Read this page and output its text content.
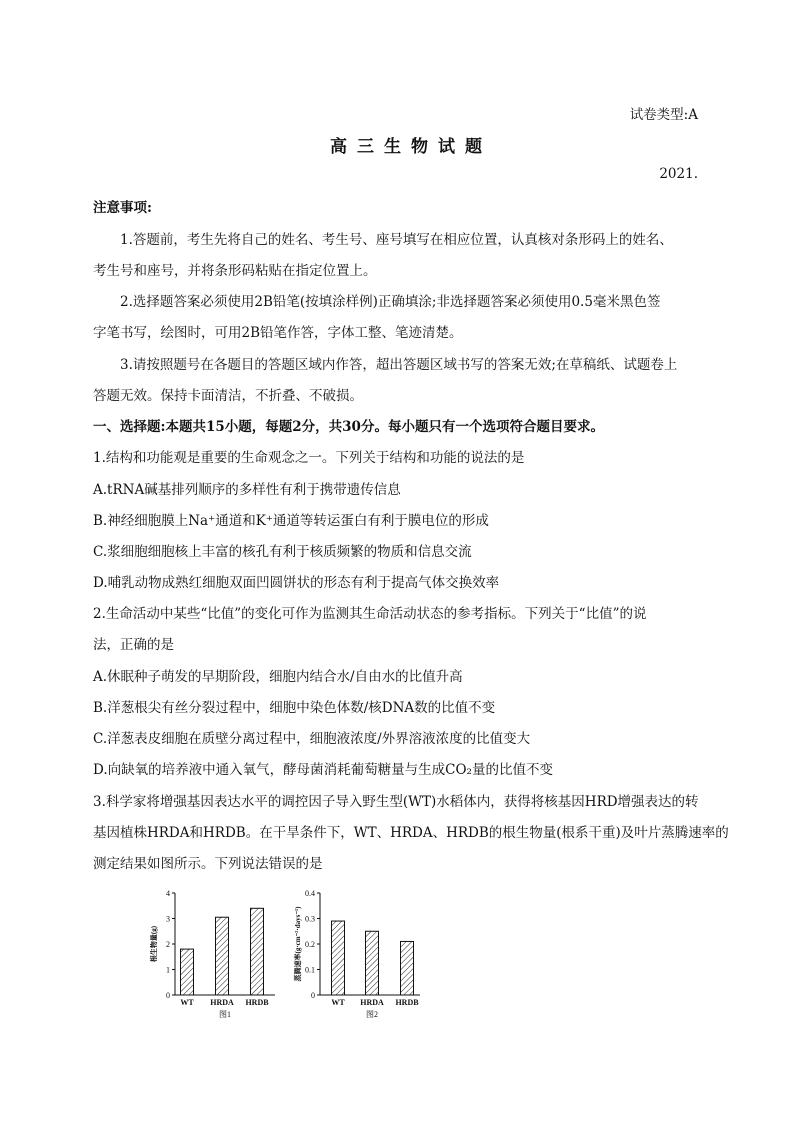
试卷类型:A
高三生物试题
2021.
注意事项:
1.答题前，考生先将自己的姓名、考生号、座号填写在相应位置，认真核对条形码上的姓名、
考生号和座号，并将条形码粘贴在指定位置上。
2.选择题答案必须使用2B铅笔(按填涂样例)正确填涂;非选择题答案必须使用0.5毫米黑色签
字笔书写，绘图时，可用2B铅笔作答，字体工整、笔迹清楚。
3.请按照题号在各题目的答题区域内作答，超出答题区域书写的答案无效;在草稿纸、试题卷上
答题无效。保持卡面清洁，不折叠、不破损。
一、选择题:本题共15小题，每题2分，共30分。每小题只有一个选项符合题目要求。
1.结构和功能观是重要的生命观念之一。下列关于结构和功能的说法的是
A.tRNA碱基排列顺序的多样性有利于携带遗传信息
B.神经细胞膜上Na⁺通道和K⁺通道等转运蛋白有利于膜电位的形成
C.浆细胞细胞核上丰富的核孔有利于核质频繁的物质和信息交流
D.哺乳动物成熟红细胞双面凹圆饼状的形态有利于提高气体交换效率
2.生命活动中某些“比值”的变化可作为监测其生命活动状态的参考指标。下列关于“比值”的说
法，正确的是
A.休眠种子萌发的早期阶段，细胞内结合水/自由水的比值升高
B.洋葱根尖有丝分裂过程中，细胞中染色体数/核DNA数的比值不变
C.洋葱表皮细胞在质壁分离过程中，细胞液浓度/外界溶液浓度的比值变大
D.向缺氧的培养液中通入氧气，酵母菌消耗葡萄糖量与生成CO₂量的比值不变
3.科学家将增强基因表达水平的调控因子导入野生型(WT)水稻体内，获得将核基因HRD增强表达的转
基因植株HRDA和HRDB。在干旱条件下，WT、HRDA、HRDB的根生物量(根系干重)及叶片蒸腾速率的
测定结果如图所示。下列说法错误的是
0
1
2
3
4
WT HRDA HRDB
根生物量(g)
图1
0
0.1
0.2
0.3
0.4
WT HRDA HRDB
蒸腾速率(g·cm⁻²·days⁻¹)
图2
